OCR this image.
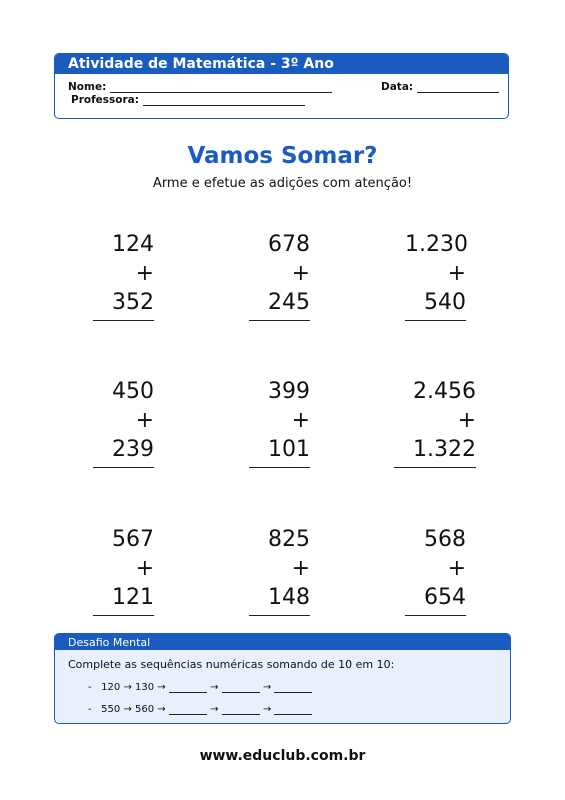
Atividade de Matemática - 3º Ano
Nome:	Data:
Professora:
Vamos Somar?
Arme e efetue as adições com atenção!
124
+ 352
678
+ 245
1.230
+ 540
450
+ 239
399
+ 101
2.456
+ 1.322
567
+ 121
825
+ 148
568
+ 654
Desafio Mental
Complete as sequências numéricas somando de 10 em 10:
- 120 → 130 →	→	→
- 550 → 560 →	→	→
www.educlub.com.br
